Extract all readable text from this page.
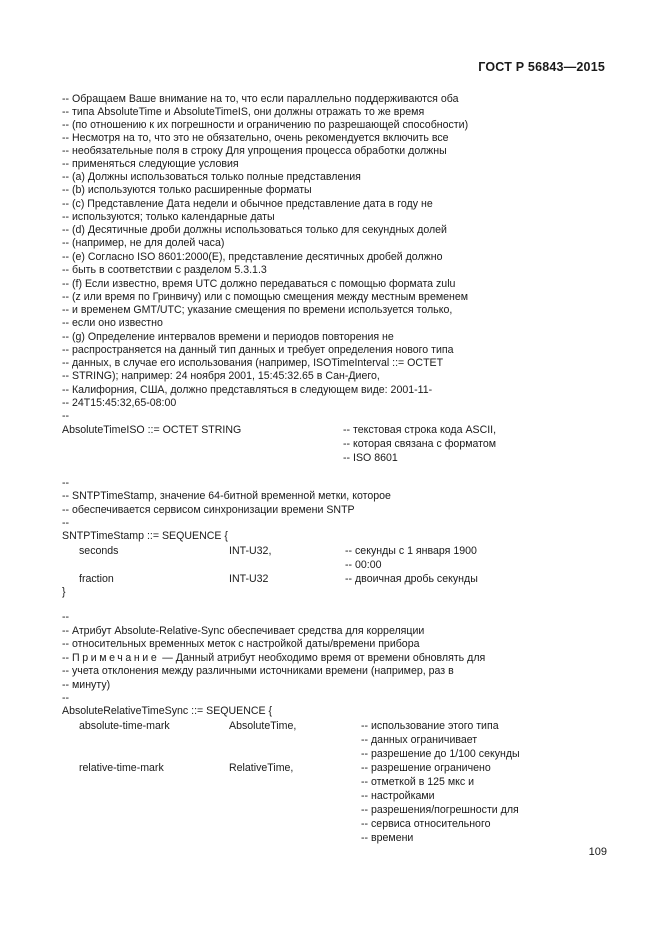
ГОСТ Р 56843—2015
-- Обращаем Ваше внимание на то, что если параллельно поддерживаются оба
-- типа AbsoluteTime и AbsoluteTimeIS, они должны отражать то же время
-- (по отношению к их погрешности и ограничению по разрешающей способности)
-- Несмотря на то, что это не обязательно, очень рекомендуется включить все
-- необязательные поля в строку Для упрощения процесса обработки должны
-- применяться следующие условия
-- (a) Должны использоваться только полные представления
-- (b) используются только расширенные форматы
-- (c) Представление Дата недели и обычное представление дата в году не
-- используются; только календарные даты
-- (d) Десятичные дроби должны использоваться только для секундных долей
-- (например, не для долей часа)
-- (e) Согласно ISO 8601:2000(E), представление десятичных дробей должно
-- быть в соответствии с разделом 5.3.1.3
-- (f) Если известно, время UTC должно передаваться с помощью формата zulu
-- (z или время по Гринвичу) или с помощью смещения между местным временем
-- и временем GMT/UTC; указание смещения по времени используется только,
-- если оно известно
-- (g) Определение интервалов времени и периодов повторения не
-- распространяется на данный тип данных и требует определения нового типа
-- данных, в случае его использования (например, ISOTimeInterval ::= OCTET
-- STRING); например: 24 ноября 2001, 15:45:32.65 в Сан-Диего,
-- Калифорния, США, должно представляться в следующем виде: 2001-11-
-- 24T15:45:32,65-08:00
--
AbsoluteTimeISO ::= OCTET STRING	-- текстовая строка кода ASCII,
-- которая связана с форматом
-- ISO 8601
--
-- SNTPTimeStamp, значение 64-битной временной метки, которое
-- обеспечивается сервисом синхронизации времени SNTP
--
SNTPTimeStamp ::= SEQUENCE {
seconds	INT-U32,	-- секунды с 1 января 1900
-- 00:00
fraction	INT-U32	-- двоичная дробь секунды
}
--
-- Атрибут Absolute-Relative-Sync обеспечивает средства для корреляции
-- относительных временных меток с настройкой даты/времени прибора
-- Примечание — Данный атрибут необходимо время от времени обновлять для
-- учета отклонения между различными источниками времени (например, раз в
-- минуту)
--
AbsoluteRelativeTimeSync ::= SEQUENCE {
absolute-time-mark	AbsoluteTime,	-- использование этого типа
-- данных ограничивает
-- разрешение до 1/100 секунды
relative-time-mark	RelativeTime,	-- разрешение ограничено
-- отметкой в 125 мкс и
-- настройками
-- разрешения/погрешности для
-- сервиса относительного
-- времени
109
